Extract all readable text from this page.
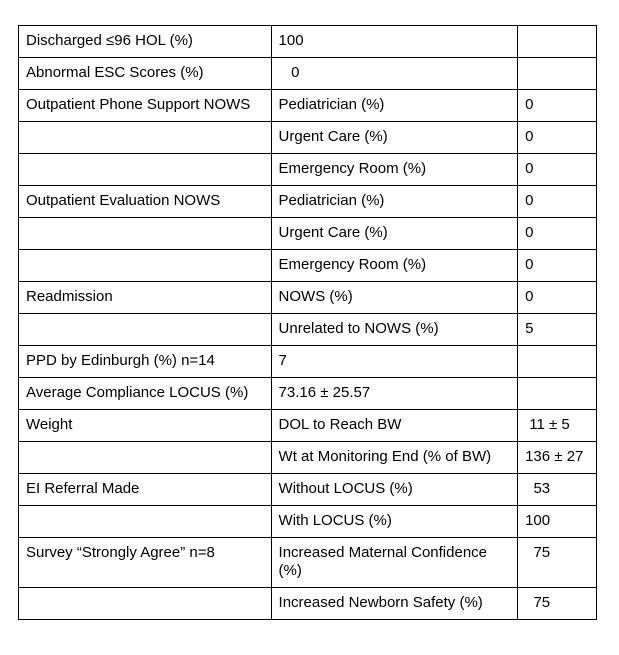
Discharged ≤96 HOL (%)	100	
Abnormal ESC Scores (%)	0	
Outpatient Phone Support NOWS	Pediatrician (%)	0
	Urgent Care (%)	0
	Emergency Room (%)	0
Outpatient Evaluation NOWS	Pediatrician (%)	0
	Urgent Care (%)	0
	Emergency Room (%)	0
Readmission	NOWS (%)	0
	Unrelated to NOWS (%)	5
PPD by Edinburgh (%) n=14	7	
Average Compliance LOCUS (%)	73.16 ± 25.57	
Weight	DOL to Reach BW	11 ± 5
	Wt at Monitoring End (% of BW)	136 ± 27
EI Referral Made	Without LOCUS (%)	53
	With LOCUS (%)	100
Survey “Strongly Agree” n=8	Increased Maternal Confidence (%)	75
	Increased Newborn Safety (%)	75
